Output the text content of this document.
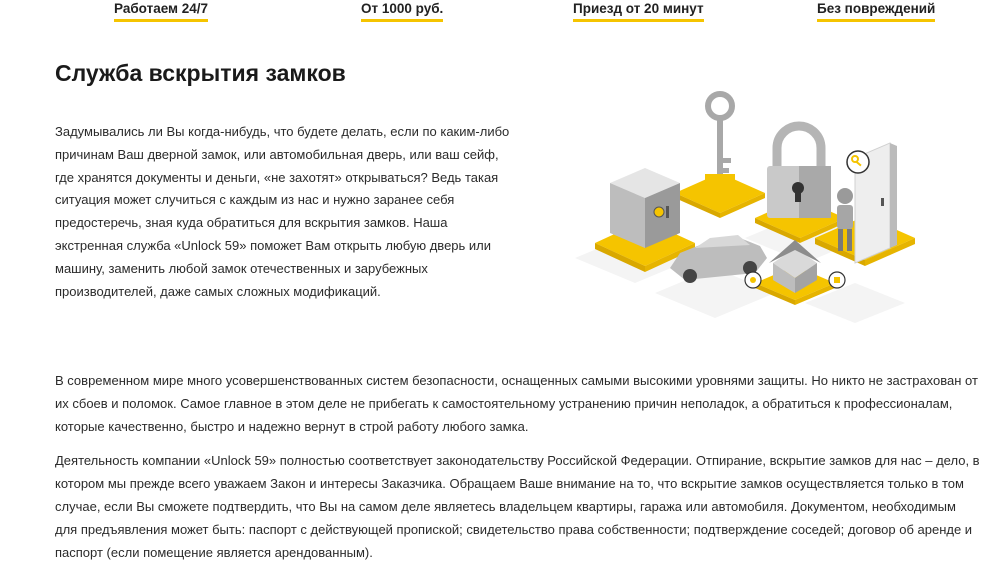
Работаем 24/7	От 1000 руб.	Приезд от 20 минут	Без повреждений
Служба вскрытия замков

Задумывались ли Вы когда-нибудь, что будете делать, если по каким-либо причинам Ваш дверной замок, или автомобильная дверь, или ваш сейф, где хранятся документы и деньги, «не захотят» открываться? Ведь такая ситуация может случиться с каждым из нас и нужно заранее себя предостеречь, зная куда обратиться для вскрытия замков. Наша экстренная служба «Unlock 59» поможет Вам открыть любую дверь или машину, заменить любой замок отечественных и зарубежных производителей, даже самых сложных модификаций.

В современном мире много усовершенствованных систем безопасности, оснащенных самыми высокими уровнями защиты. Но никто не застрахован от их сбоев и поломок. Самое главное в этом деле не прибегать к самостоятельному устранению причин неполадок, а обратиться к профессионалам, которые качественно, быстро и надежно вернут в строй работу любого замка.

Деятельность компании «Unlock 59» полностью соответствует законодательству Российской Федерации. Отпирание, вскрытие замков для нас – дело, в котором мы прежде всего уважаем Закон и интересы Заказчика. Обращаем Ваше внимание на то, что вскрытие замков осуществляется только в том случае, если Вы сможете подтвердить, что Вы на самом деле являетесь владельцем квартиры, гаража или автомобиля. Документом, необходимым для предъявления может быть: паспорт с действующей пропиской; свидетельство права собственности; подтверждение соседей; договор об аренде и паспорт (если помещение является арендованным).
